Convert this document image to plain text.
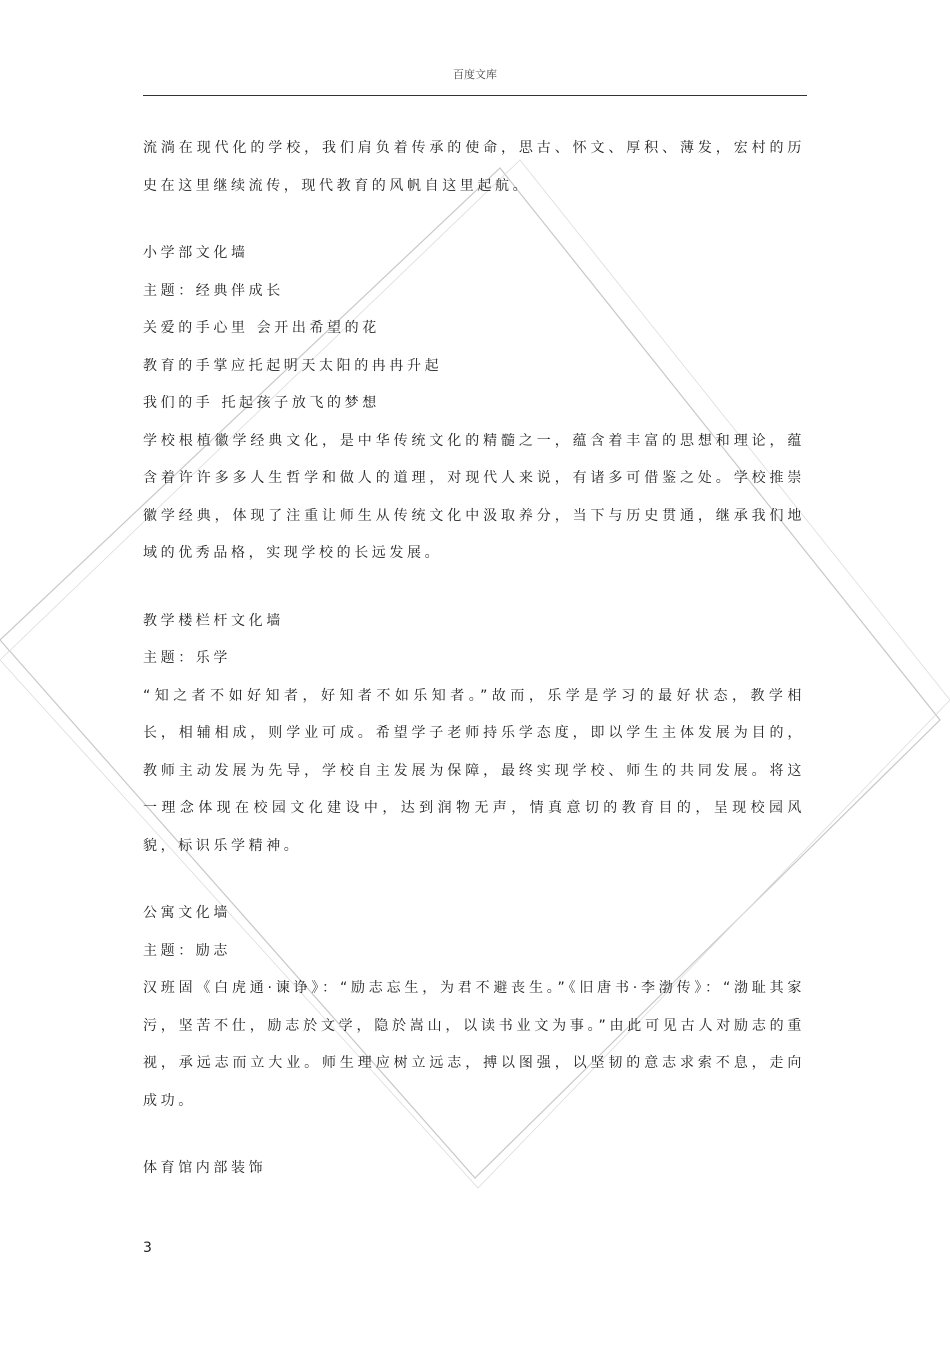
百度文库

流淌在现代化的学校，我们肩负着传承的使命，思古、怀文、厚积、薄发，宏村的历史在这里继续流传，现代教育的风帆自这里起航。

小学部文化墙

主题：经典伴成长

关爱的手心里 会开出希望的花

教育的手掌应托起明天太阳的冉冉升起

我们的手 托起孩子放飞的梦想

学校根植徽学经典文化，是中华传统文化的精髓之一，蕴含着丰富的思想和理论，蕴含着许许多多人生哲学和做人的道理，对现代人来说，有诸多可借鉴之处。学校推崇徽学经典，体现了注重让师生从传统文化中汲取养分，当下与历史贯通，继承我们地域的优秀品格，实现学校的长远发展。

教学楼栏杆文化墙

主题：乐学

“知之者不如好知者，好知者不如乐知者。”故而，乐学是学习的最好状态，教学相长，相辅相成，则学业可成。希望学子老师持乐学态度，即以学生主体发展为目的，教师主动发展为先导，学校自主发展为保障，最终实现学校、师生的共同发展。将这一理念体现在校园文化建设中，达到润物无声，情真意切的教育目的，呈现校园风貌，标识乐学精神。

公寓文化墙

主题：励志

汉班固《白虎通·谏诤》：“励志忘生，为君不避丧生。”《旧唐书·李渤传》：“渤耻其家污，坚苦不仕，励志於文学，隐於嵩山，以读书业文为事。”由此可见古人对励志的重视，承远志而立大业。师生理应树立远志，搏以图强，以坚韧的意志求索不息，走向成功。

体育馆内部装饰

3
